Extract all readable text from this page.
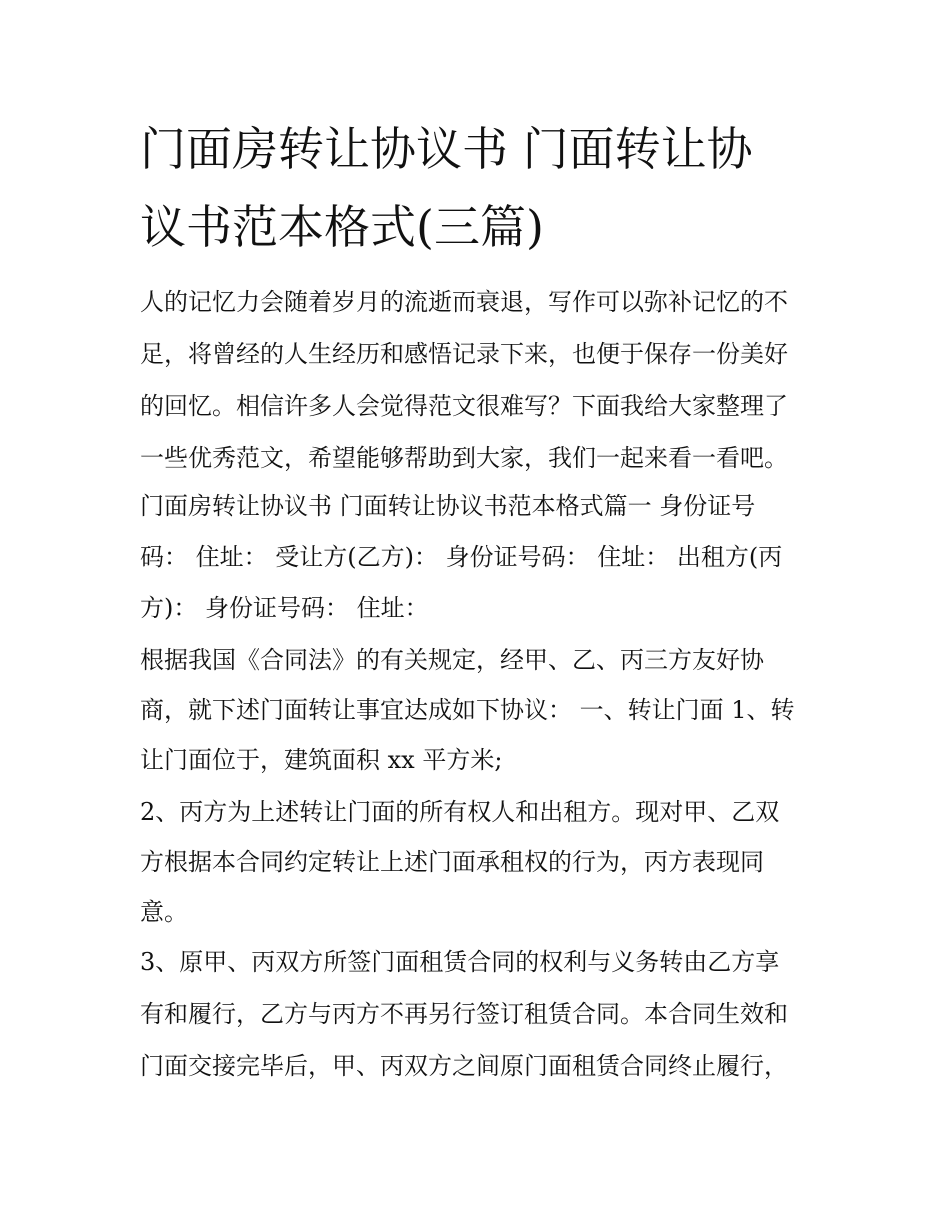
门面房转让协议书 门面转让协
议书范本格式(三篇)

人的记忆力会随着岁月的流逝而衰退，写作可以弥补记忆的不

足，将曾经的人生经历和感悟记录下来，也便于保存一份美好

的回忆。相信许多人会觉得范文很难写？下面我给大家整理了

一些优秀范文，希望能够帮助到大家，我们一起来看一看吧。

门面房转让协议书 门面转让协议书范本格式篇一 身份证号

码： 住址： 受让方(乙方)： 身份证号码： 住址： 出租方(丙

方)： 身份证号码： 住址：

根据我国《合同法》的有关规定，经甲、乙、丙三方友好协

商，就下述门面转让事宜达成如下协议： 一、转让门面 1、转

让门面位于，建筑面积 xx 平方米;

2、丙方为上述转让门面的所有权人和出租方。现对甲、乙双

方根据本合同约定转让上述门面承租权的行为，丙方表现同

意。

3、原甲、丙双方所签门面租赁合同的权利与义务转由乙方享

有和履行，乙方与丙方不再另行签订租赁合同。本合同生效和

门面交接完毕后，甲、丙双方之间原门面租赁合同终止履行，
